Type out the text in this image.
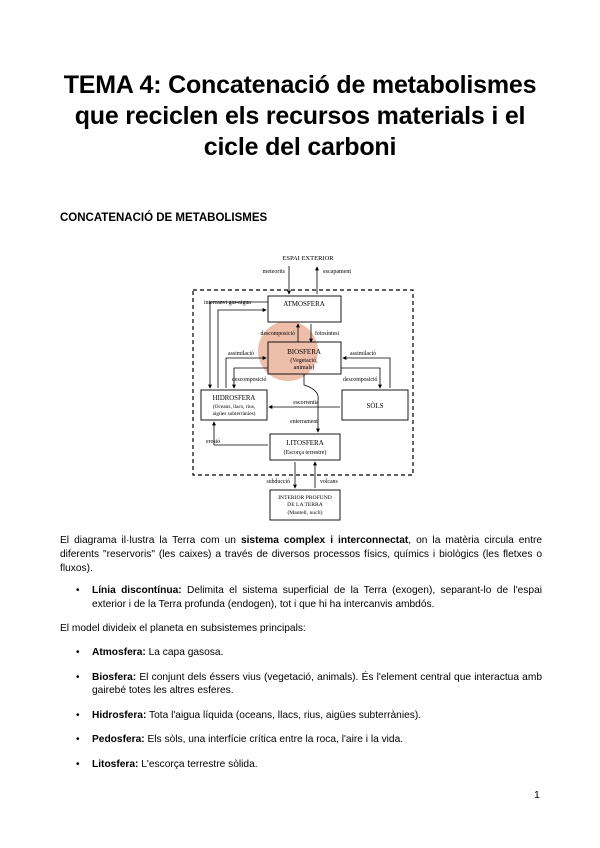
TEMA 4: Concatenació de metabolismes que reciclen els recursos materials i el cicle del carboni
CONCATENACIÓ DE METABOLISMES
ESPAI EXTERIOR
meteorits	escapament
ATMOSFERA
intercanvi gas-aigua
descomposició	fotosíntesi
BIOSFERA
(Vegetació,
animals)
assimilació	assimilació
descomposició	descomposició
HIDROSFERA
(Oceans, llacs, rius,
aigües subterrànies)
SÒLS
escorrentia
enterrament
erosió	LITOSFERA
(Escorça terrestre)
subducció	volcans
INTERIOR PROFUND
DE LA TERRA
(Mantell, nucli)

El diagrama il·lustra la Terra com un sistema complex i interconnectat, on la matèria circula entre diferents "reservoris" (les caixes) a través de diversos processos físics, químics i biològics (les fletxes o fluxos).

• Línia discontínua: Delimita el sistema superficial de la Terra (exogen), separant-lo de l'espai exterior i de la Terra profunda (endogen), tot i que hi ha intercanvis ambdós.

El model divideix el planeta en subsistemes principals:

• Atmosfera: La capa gasosa.
• Biosfera: El conjunt dels éssers vius (vegetació, animals). És l'element central que interactua amb gairebé totes les altres esferes.
• Hidrosfera: Tota l'aigua líquida (oceans, llacs, rius, aigües subterrànies).
• Pedosfera: Els sòls, una interfície crítica entre la roca, l'aire i la vida.
• Litosfera: L'escorça terrestre sòlida.
1
